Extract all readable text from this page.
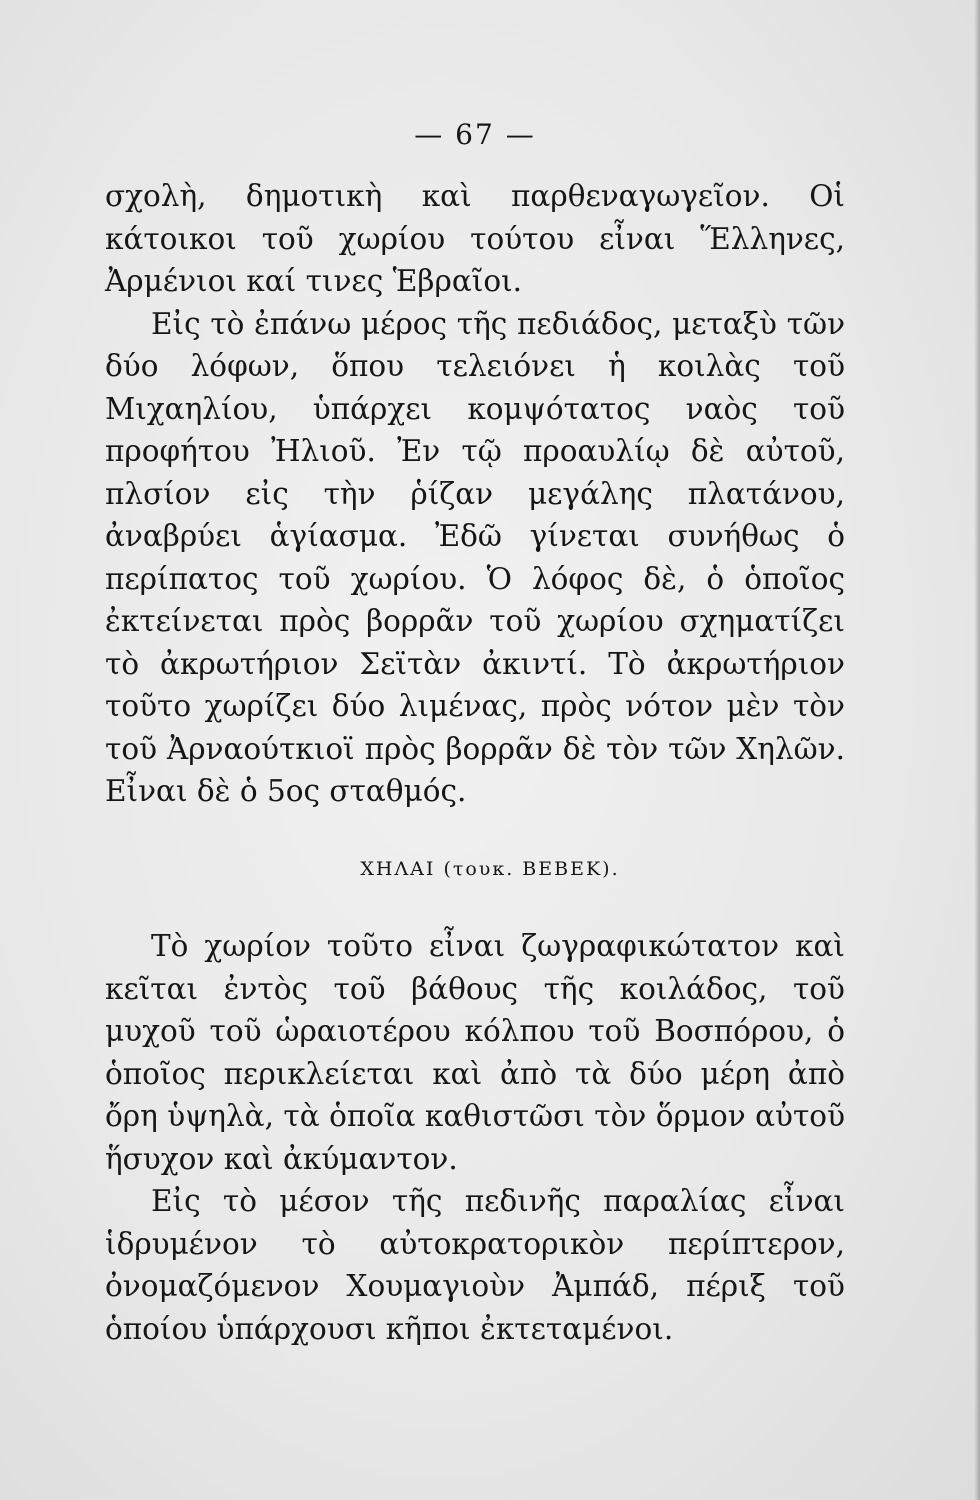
— 67 —

σχολὴ, δημοτικὴ καὶ παρθεναγωγεῖον. Οἱ κάτοικοι τοῦ χωρίου τούτου εἶναι Ἕλληνες, Ἀρμένιοι καί τινες Ἑβραῖοι.

Εἰς τὸ ἐπάνω μέρος τῆς πεδιάδος, μεταξὺ τῶν δύο λόφων, ὅπου τελειόνει ἡ κοιλὰς τοῦ Μιχαηλίου, ὑπάρχει κομψότατος ναὸς τοῦ προφήτου Ἠλιοῦ. Ἐν τῷ προαυλίῳ δὲ αὐτοῦ, πλσίον εἰς τὴν ῥίζαν μεγάλης πλατάνου, ἀναβρύει ἁγίασμα. Ἐδῶ γίνεται συνήθως ὁ περίπατος τοῦ χωρίου. Ὁ λόφος δὲ, ὁ ὁποῖος ἐκτείνεται πρὸς βορρᾶν τοῦ χωρίου σχηματίζει τὸ ἀκρωτήριον Σεϊτὰν ἀκιντί. Τὸ ἀκρωτήριον τοῦτο χωρίζει δύο λιμένας, πρὸς νότον μὲν τὸν τοῦ Ἀρναούτκιοϊ πρὸς βορρᾶν δὲ τὸν τῶν Χηλῶν. Εἶναι δὲ ὁ 5ος σταθμός.

ΧΗΛΑΙ (τουκ. ΒΕΒΕΚ).

Τὸ χωρίον τοῦτο εἶναι ζωγραφικώτατον καὶ κεῖται ἐντὸς τοῦ βάθους τῆς κοιλάδος, τοῦ μυχοῦ τοῦ ὡραιοτέρου κόλπου τοῦ Βοσπόρου, ὁ ὁποῖος περικλείεται καὶ ἀπὸ τὰ δύο μέρη ἀπὸ ὄρη ὑψηλὰ, τὰ ὁποῖα καθιστῶσι τὸν ὅρμον αὐτοῦ ἥσυχον καὶ ἀκύμαντον.

Εἰς τὸ μέσον τῆς πεδινῆς παραλίας εἶναι ἱδρυμένον τὸ αὐτοκρατορικὸν περίπτερον, ὀνομαζόμενον Χουμαγιοὺν Ἀμπάδ, πέριξ τοῦ ὁποίου ὑπάρχουσι κῆποι ἐκτεταμένοι.
